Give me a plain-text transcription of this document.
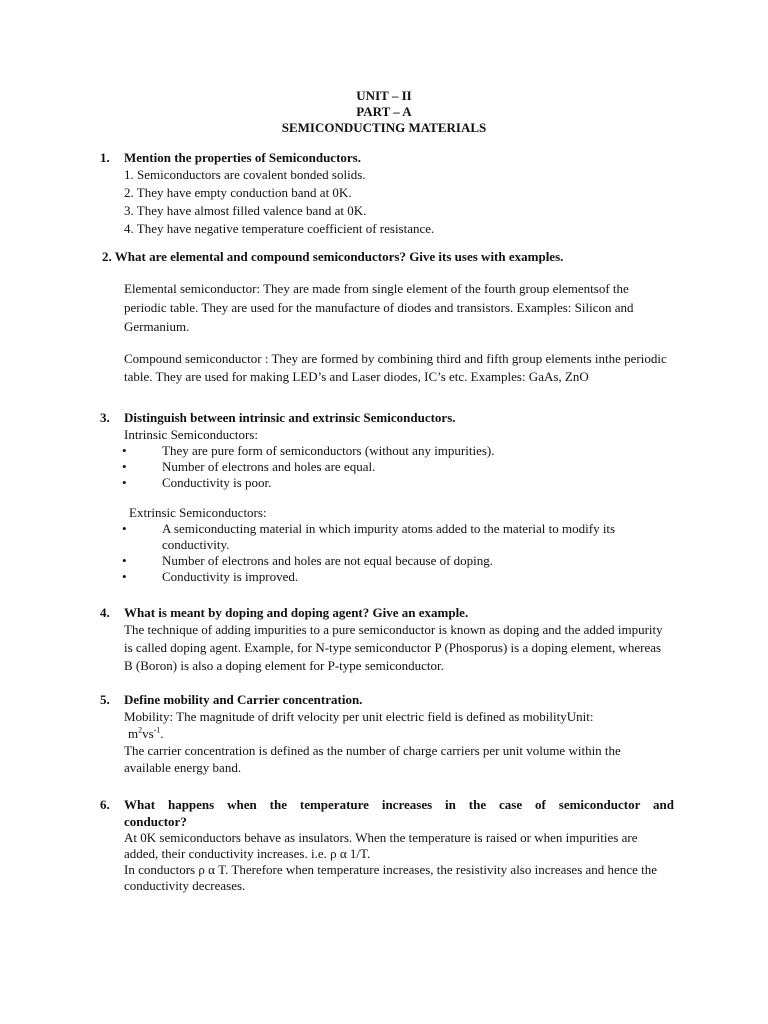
UNIT – II
PART – A
SEMICONDUCTING MATERIALS
1. Mention the properties of Semiconductors.
1. Semiconductors are covalent bonded solids.
2. They have empty conduction band at 0K.
3. They have almost filled valence band at 0K.
4. They have negative temperature coefficient of resistance.
2. What are elemental and compound semiconductors? Give its uses with examples.
Elemental semiconductor: They are made from single element of the fourth group elementsof the periodic table. They are used for the manufacture of diodes and transistors. Examples: Silicon and Germanium.
Compound semiconductor : They are formed by combining third and fifth group elements inthe periodic table. They are used for making LED’s and Laser diodes, IC’s etc. Examples: GaAs, ZnO
3. Distinguish between intrinsic and extrinsic Semiconductors.
Intrinsic Semiconductors:
•	They are pure form of semiconductors (without any impurities).
•	Number of electrons and holes are equal.
•	Conductivity is poor.
Extrinsic Semiconductors:
•	A semiconducting material in which impurity atoms added to the material to modify its conductivity.
•	Number of electrons and holes are not equal because of doping.
•	Conductivity is improved.
4. What is meant by doping and doping agent? Give an example.
The technique of adding impurities to a pure semiconductor is known as doping and the added impurity is called doping agent. Example, for N-type semiconductor P (Phosporus) is a doping element, whereas B (Boron) is also a doping element for P-type semiconductor.
5. Define mobility and Carrier concentration.
Mobility: The magnitude of drift velocity per unit electric field is defined as mobilityUnit:
$m^2vs^{-1}$.
The carrier concentration is defined as the number of charge carriers per unit volume within the available energy band.
6. What happens when the temperature increases in the case of semiconductor and
conductor?
At 0K semiconductors behave as insulators. When the temperature is raised or when impurities are added, their conductivity increases. i.e. ρ α 1/T.
In conductors ρ α T. Therefore when temperature increases, the resistivity also increases and hence the conductivity decreases.
